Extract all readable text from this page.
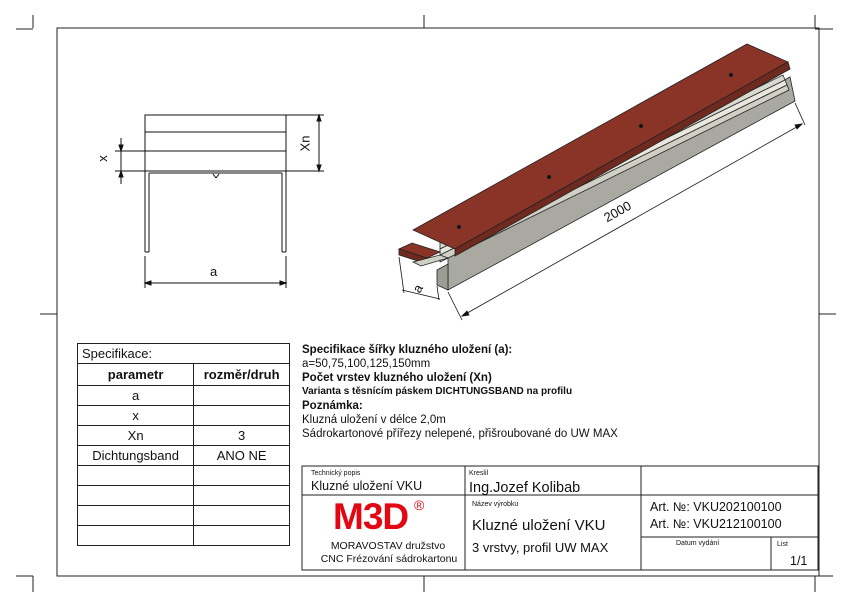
x
Xn
a
2000
a
Specifikace:	
parametr	rozměr/druh
a	
x	
Xn	3
Dichtungsband	ANO NE

Specifikace šířky kluzného uložení (a):
a=50,75,100,125,150mm
Počet vrstev kluzného uložení (Xn)
Varianta s těsnícím páskem DICHTUNGSBAND na profilu
Poznámka:
Kluzná uložení v délce 2,0m
Sádrokartonové přířezy nelepené, přišroubované do UW MAX
Technický popis
Kluzné uložení VKU
Kreslil
Ing.Jozef Kolibab
M3D ®
MORAVOSTAV družstvo
CNC Frézování sádrokartonu
Název výrobku
Kluzné uložení VKU
3 vrstvy, profil UW MAX
Art. №: VKU202100100
Art. №: VKU212100100
Datum vydání	List
1/1
